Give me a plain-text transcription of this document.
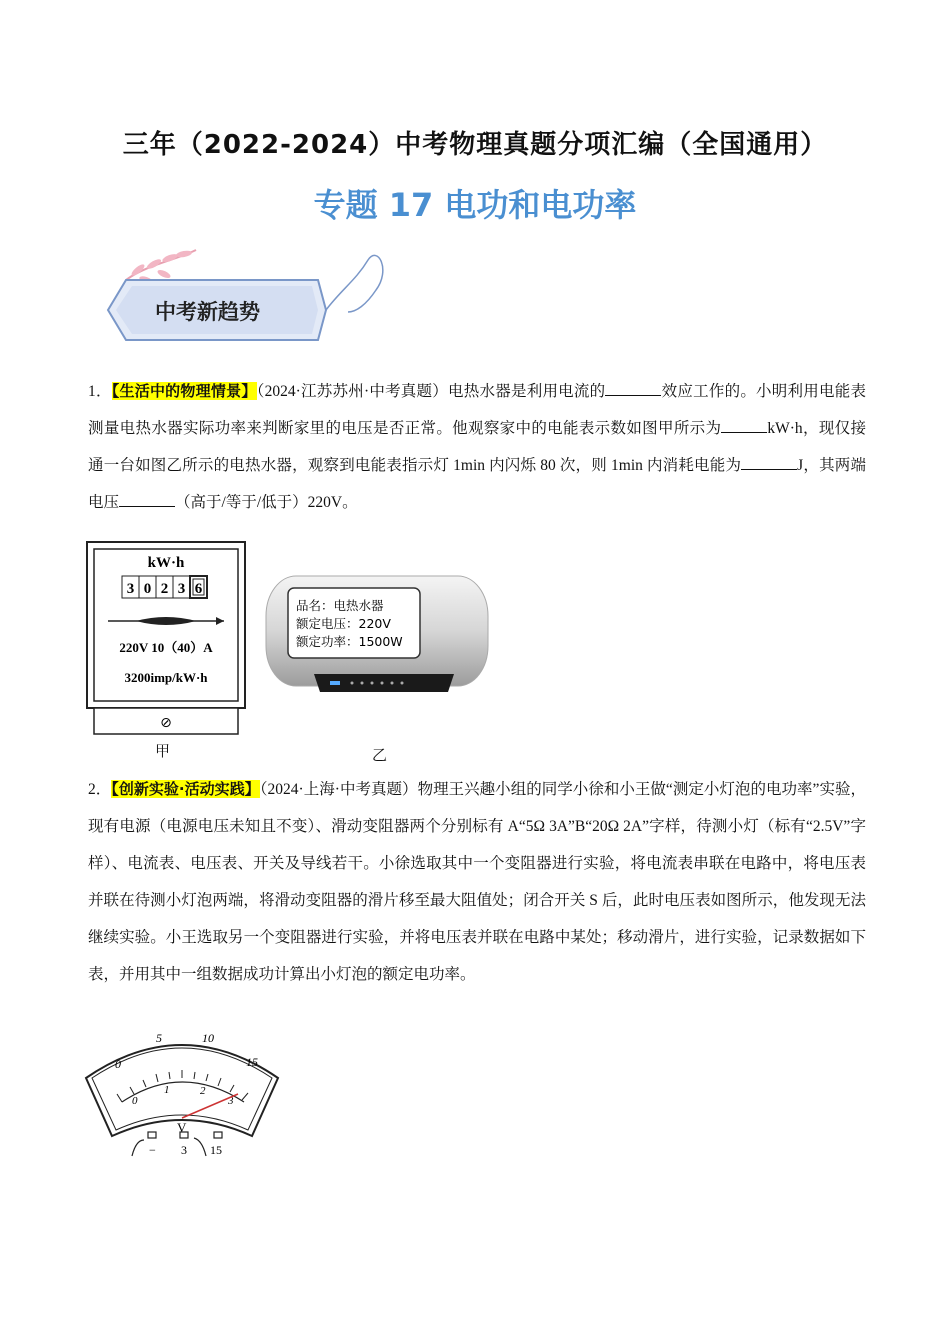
三年（2022-2024）中考物理真题分项汇编（全国通用）
专题 17 电功和电功率
中考新趋势
1．【生活中的物理情景】（2024·江苏苏州·中考真题）电热水器是利用电流的	效应工作的。小明利用电能表测量电热水器实际功率来判断家里的电压是否正常。他观察家中的电能表示数如图甲所示为	kW·h，现仅接通一台如图乙所示的电热水器，观察到电能表指示灯 1min 内闪烁 80 次，则 1min 内消耗电能为	J，其两端电压	（高于/等于/低于）220V。
kW·h
3 0 2 3 6
220V 10（40）A
3200imp/kW·h
⊘
甲
品名：电热水器
额定电压：220V
额定功率：1500W
乙
2．【创新实验·活动实践】（2024·上海·中考真题）物理王兴趣小组的同学小徐和小王做“测定小灯泡的电功率”实验，现有电源（电源电压未知且不变）、滑动变阻器两个分别标有 A“5Ω 3A”B“20Ω 2A”字样，待测小灯（标有“2.5V”字样）、电流表、电压表、开关及导线若干。小徐选取其中一个变阻器进行实验，将电流表串联在电路中，将电压表并联在待测小灯泡两端，将滑动变阻器的滑片移至最大阻值处；闭合开关 S 后，此时电压表如图所示，他发现无法继续实验。小王选取另一个变阻器进行实验，并将电压表并联在电路中某处；移动滑片，进行实验，记录数据如下表，并用其中一组数据成功计算出小灯泡的额定电功率。
0
5	10
15
0
1	2
3
V
− 3 15
